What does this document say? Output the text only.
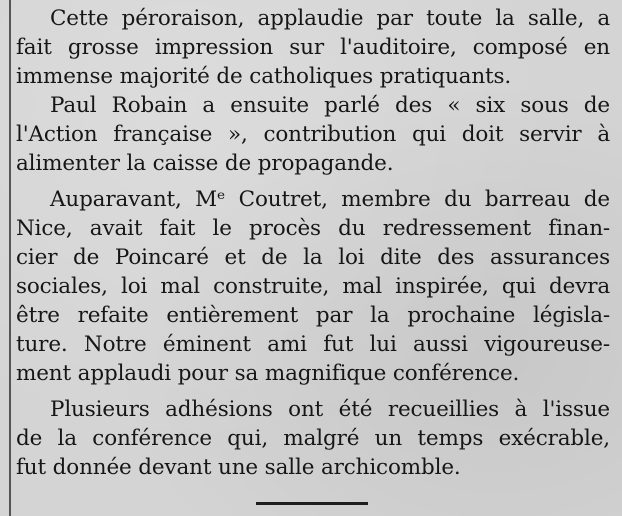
Cette péroraison, applaudie par toute la salle, a
fait grosse impression sur l'auditoire, composé en
immense majorité de catholiques pratiquants.
Paul Robain a ensuite parlé des « six sous de
l'Action française », contribution qui doit servir à
alimenter la caisse de propagande.
Auparavant, Mᵉ Coutret, membre du barreau de
Nice, avait fait le procès du redressement finan-
cier de Poincaré et de la loi dite des assurances
sociales, loi mal construite, mal inspirée, qui devra
être refaite entièrement par la prochaine législa-
ture. Notre éminent ami fut lui aussi vigoureuse-
ment applaudi pour sa magnifique conférence.
Plusieurs adhésions ont été recueillies à l'issue
de la conférence qui, malgré un temps exécrable,
fut donnée devant une salle archicomble.
